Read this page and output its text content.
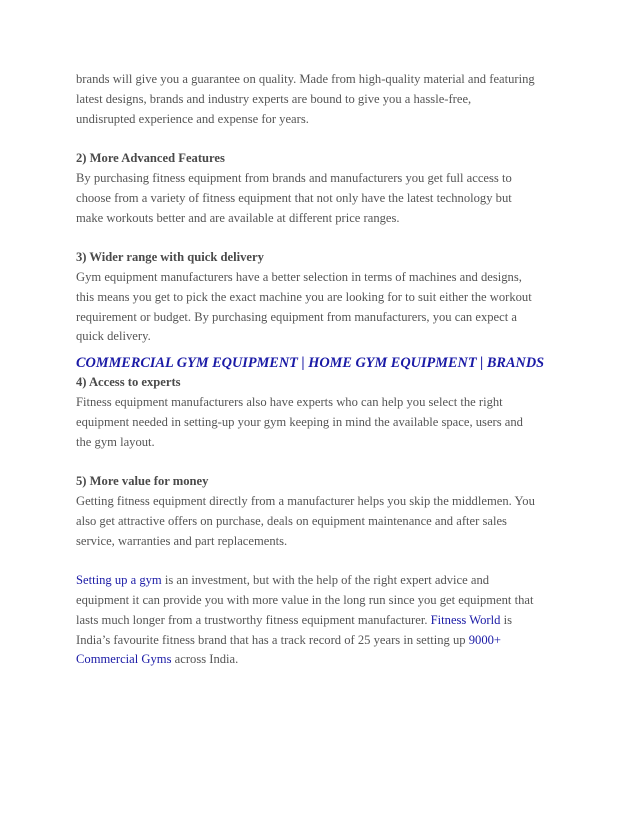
brands will give you a guarantee on quality. Made from high-quality material and featuring

latest designs, brands and industry experts are bound to give you a hassle-free,

undisrupted experience and expense for years.

2) More Advanced Features

By purchasing fitness equipment from brands and manufacturers you get full access to

choose from a variety of fitness equipment that not only have the latest technology but

make workouts better and are available at different price ranges.

3) Wider range with quick delivery

Gym equipment manufacturers have a better selection in terms of machines and designs,

this means you get to pick the exact machine you are looking for to suit either the workout

requirement or budget. By purchasing equipment from manufacturers, you can expect a

quick delivery.

COMMERCIAL GYM EQUIPMENT | HOME GYM EQUIPMENT | BRANDS

4) Access to experts

Fitness equipment manufacturers also have experts who can help you select the right

equipment needed in setting-up your gym keeping in mind the available space, users and

the gym layout.

5) More value for money

Getting fitness equipment directly from a manufacturer helps you skip the middlemen. You

also get attractive offers on purchase, deals on equipment maintenance and after sales

service, warranties and part replacements.

Setting up a gym is an investment, but with the help of the right expert advice and

equipment it can provide you with more value in the long run since you get equipment that

lasts much longer from a trustworthy fitness equipment manufacturer. Fitness World is

India’s favourite fitness brand that has a track record of 25 years in setting up 9000+

Commercial Gyms across India.
